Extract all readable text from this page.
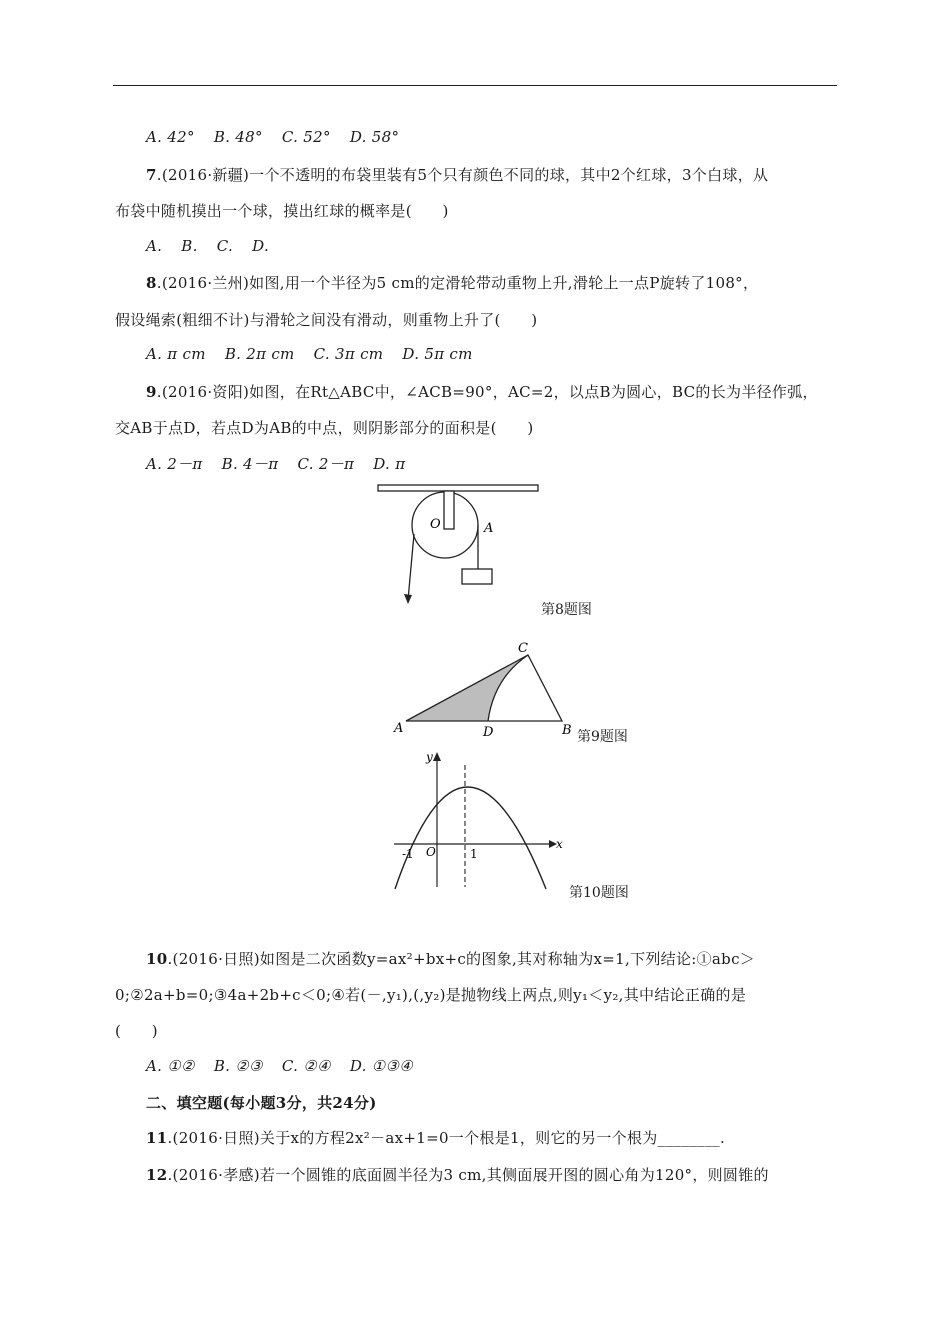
A. 42° B. 48° C. 52° D. 58°
7.(2016·新疆)一个不透明的布袋里装有5个只有颜色不同的球，其中2个红球，3个白球，从
布袋中随机摸出一个球，摸出红球的概率是(　　)
A. B. C. D.
8.(2016·兰州)如图,用一个半径为5 cm的定滑轮带动重物上升,滑轮上一点P旋转了108°，
假设绳索(粗细不计)与滑轮之间没有滑动，则重物上升了(　　)
A. π cm B. 2π cm C. 3π cm D. 5π cm
9.(2016·资阳)如图，在Rt△ABC中，∠ACB=90°，AC=2，以点B为圆心，BC的长为半径作弧，
交AB于点D，若点D为AB的中点，则阴影部分的面积是(　　)
A. 2－π B. 4－π C. 2－π D. π
O	A
第8题图
A	B
C
D	第9题图
x
y
O
-1	1
第10题图
10.(2016·日照)如图是二次函数y=ax²+bx+c的图象,其对称轴为x=1,下列结论:①abc＞
0;②2a+b=0;③4a+2b+c＜0;④若(－,y₁),(,y₂)是抛物线上两点,则y₁＜y₂,其中结论正确的是
(　　)
A. ①② B. ②③ C. ②④ D. ①③④
二、填空题(每小题3分，共24分)
11.(2016·日照)关于x的方程2x²－ax+1=0一个根是1，则它的另一个根为________.
12.(2016·孝感)若一个圆锥的底面圆半径为3 cm,其侧面展开图的圆心角为120°，则圆锥的
